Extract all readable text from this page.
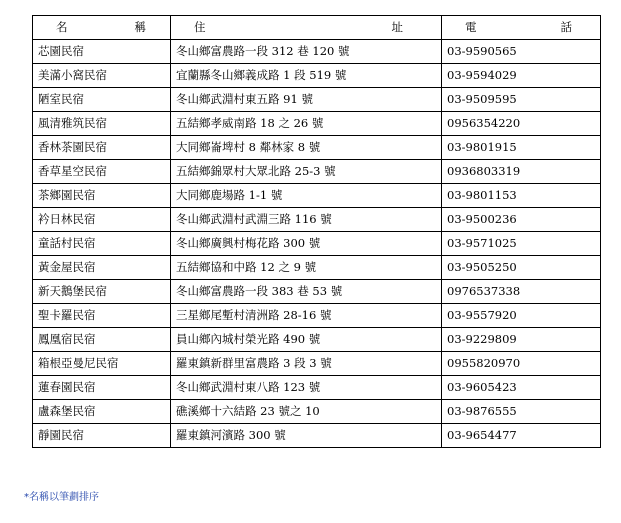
名 稱	住 址	電 話

芯園民宿	冬山鄉富農路一段 312 巷 120 號	03-9590565
美滿小窩民宿	宜蘭縣冬山鄉義成路 1 段 519 號	03-9594029
陋室民宿	冬山鄉武淵村東五路 91 號	03-9509595
風清雅筑民宿	五結鄉孝威南路 18 之 26 號	0956354220
香林茶園民宿	大同鄉崙埤村 8 鄰林家 8 號	03-9801915
香草星空民宿	五結鄉錦眾村大眾北路 25-3 號	0936803319
茶鄉園民宿	大同鄉鹿場路 1-1 號	03-9801153
衿日林民宿	冬山鄉武淵村武淵三路 116 號	03-9500236
童話村民宿	冬山鄉廣興村梅花路 300 號	03-9571025
黃金屋民宿	五結鄉協和中路 12 之 9 號	03-9505250
新天鵝堡民宿	冬山鄉富農路一段 383 巷 53 號	0976537338
聖卡羅民宿	三星鄉尾塹村清洲路 28-16 號	03-9557920
鳳凰宿民宿	員山鄉內城村榮光路 490 號	03-9229809
箱根亞曼尼民宿	羅東鎮新群里富農路 3 段 3 號	0955820970
蓮春園民宿	冬山鄉武淵村東八路 123 號	03-9605423
盧森堡民宿	礁溪鄉十六結路 23 號之 10	03-9876555
靜園民宿	羅東鎮河濱路 300 號	03-9654477
*名稱以筆劃排序
